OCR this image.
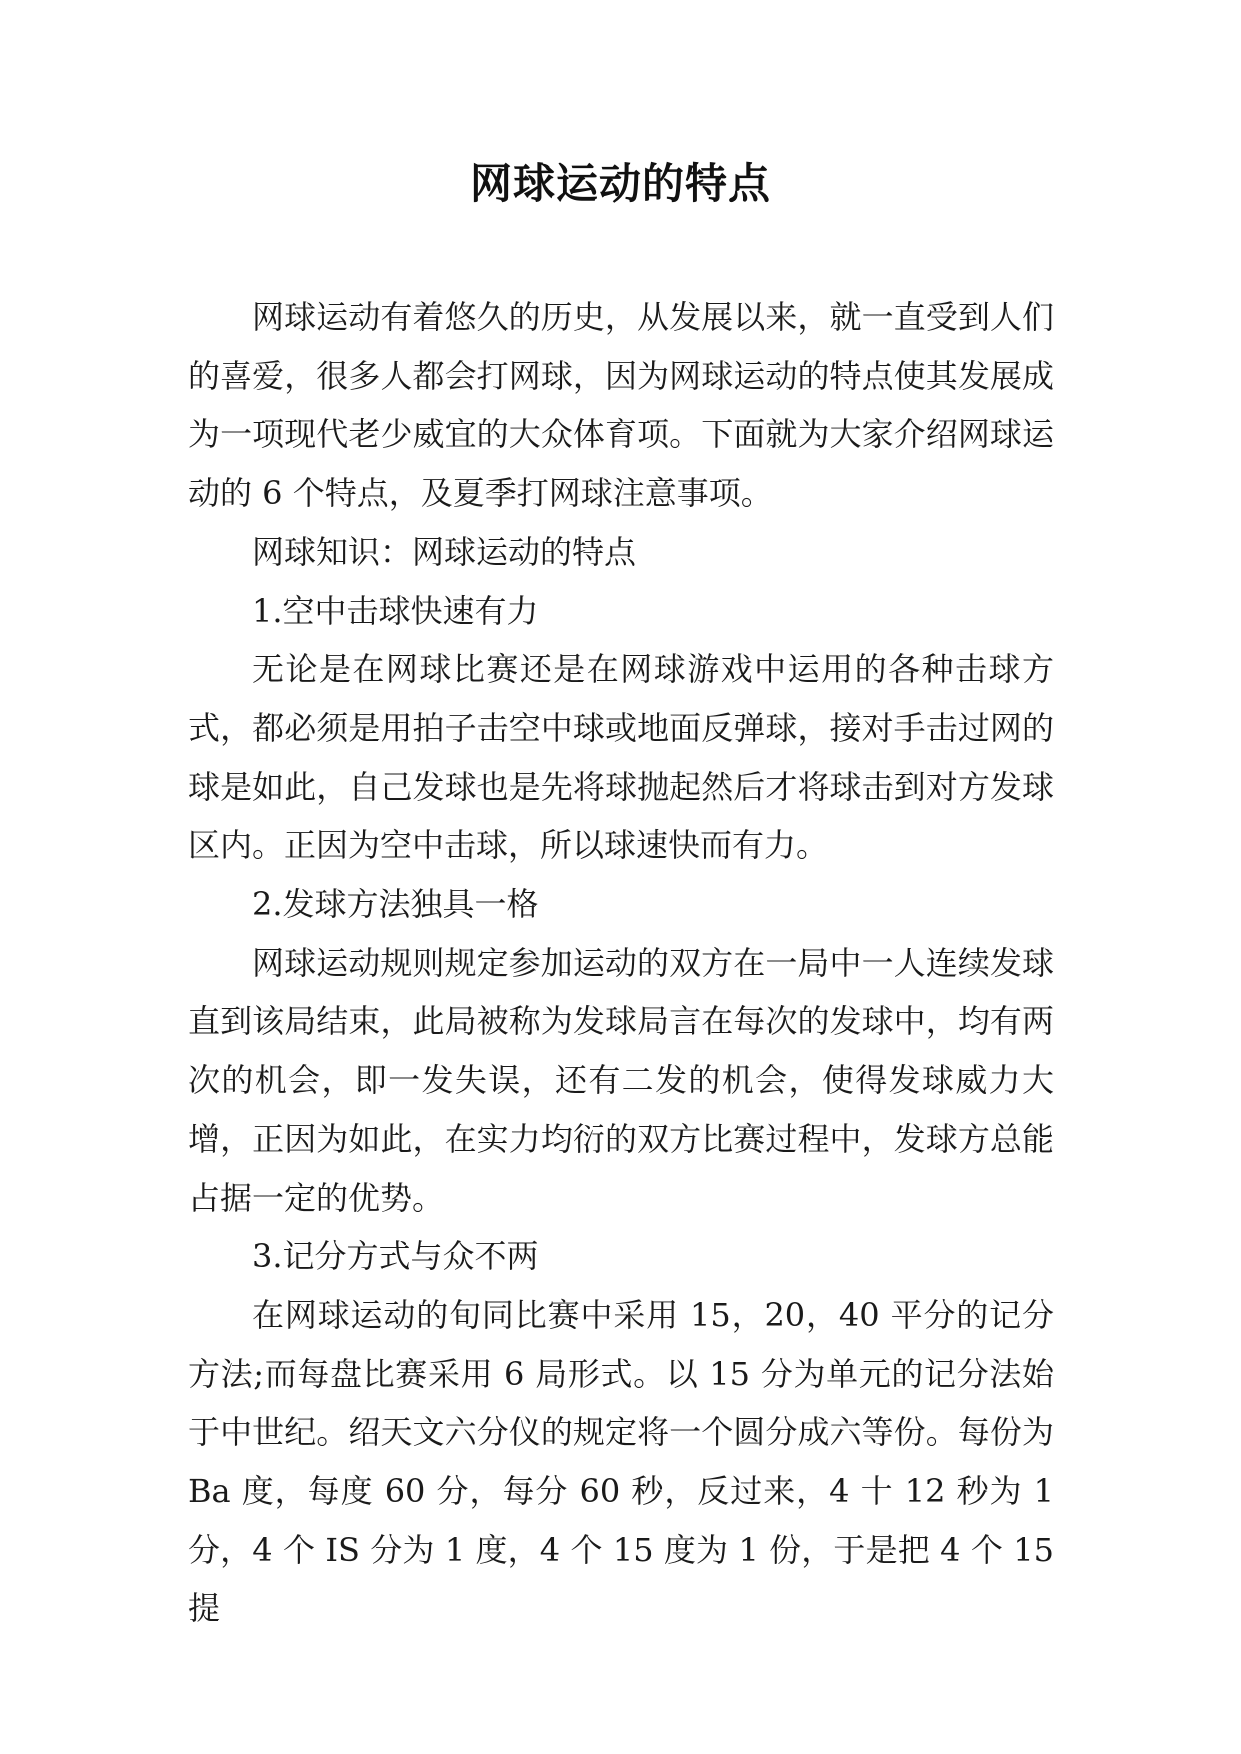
网球运动的特点

网球运动有着悠久的历史，从发展以来，就一直受到人们的喜爱，很多人都会打网球，因为网球运动的特点使其发展成为一项现代老少威宜的大众体育项。下面就为大家介绍网球运动的 6 个特点，及夏季打网球注意事项。

网球知识：网球运动的特点

1.空中击球快速有力

无论是在网球比赛还是在网球游戏中运用的各种击球方式，都必须是用拍子击空中球或地面反弹球，接对手击过网的球是如此，自己发球也是先将球抛起然后才将球击到对方发球区内。正因为空中击球，所以球速快而有力。

2.发球方法独具一格

网球运动规则规定参加运动的双方在一局中一人连续发球直到该局结束，此局被称为发球局言在每次的发球中，均有两次的机会，即一发失误，还有二发的机会，使得发球威力大增，正因为如此，在实力均衍的双方比赛过程中，发球方总能占据一定的优势。

3.记分方式与众不两

在网球运动的旬同比赛中采用 15，20，40 平分的记分方法;而每盘比赛采用 6 局形式。以 15 分为单元的记分法始于中世纪。绍天文六分仪的规定将一个圆分成六等份。每份为 Ba 度，每度 60 分，每分 60 秒，反过来，4 十 12 秒为 1 分，4 个 IS 分为 1 度，4 个 15 度为 1 份，于是把 4 个 15 提
